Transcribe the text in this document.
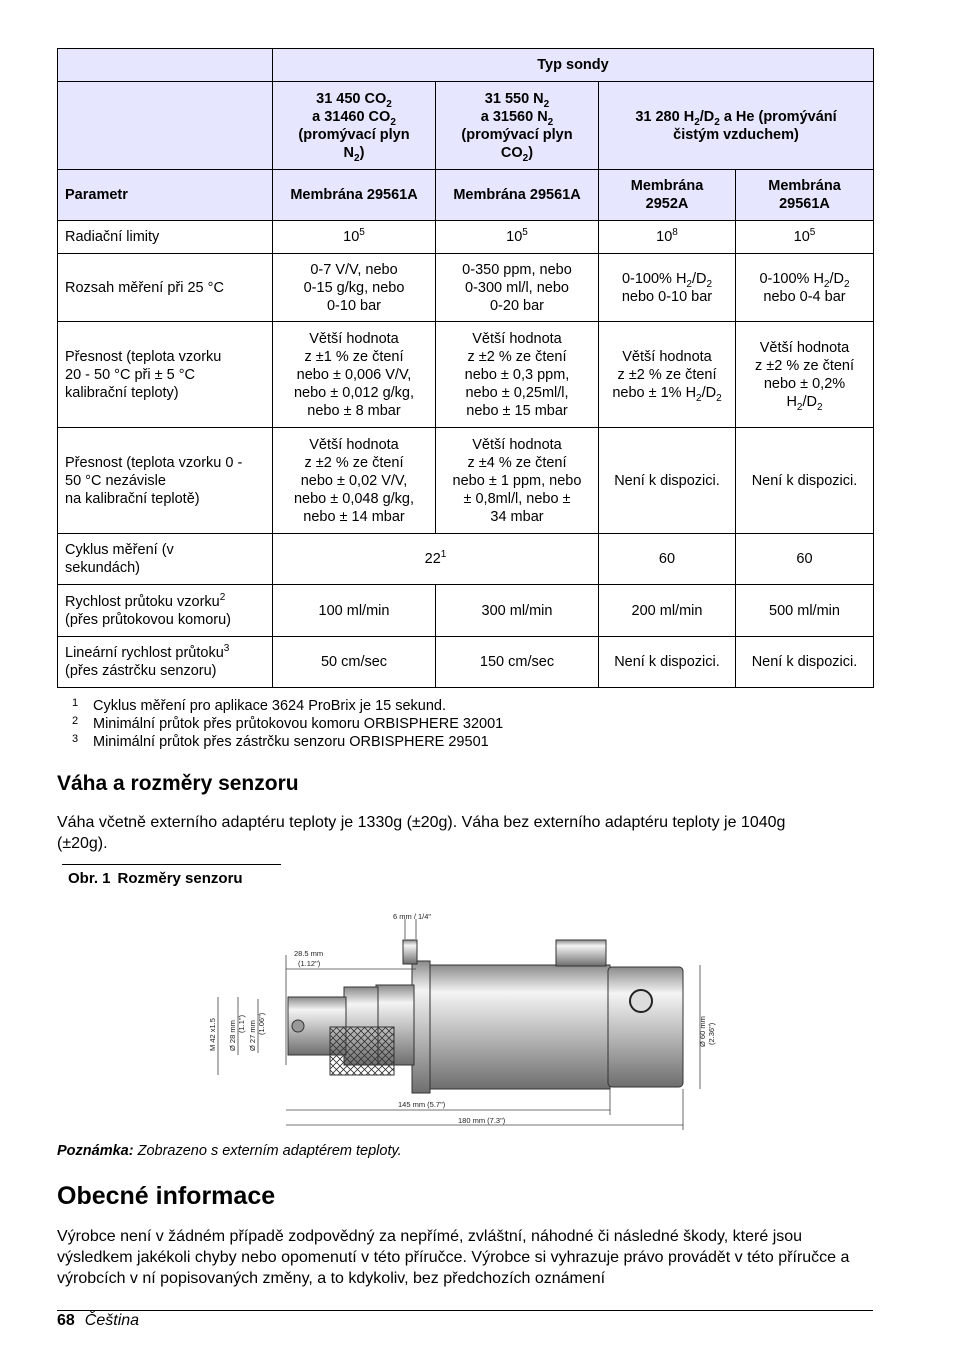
	Typ sondy			
	31 450 $CO_2$
a 31460 $CO_2$
(promývací plyn
$N_2$)	31 550 $N_2$
a 31560 $N_2$
(promývací plyn
$CO_2$)	31 280 $H_2/D_2$ a He (promývání
čistým vzduchem)	
Parametr	Membrána 29561A	Membrána 29561A	Membrána
2952A	Membrána
29561A
Radiační limity	$10^5$	$10^5$	$10^8$	$10^5$
Rozsah měření při 25 °C	0-7 V/V, nebo
0-15 g/kg, nebo
0-10 bar	0-350 ppm, nebo
0-300 ml/l, nebo
0-20 bar	0-100% $H_2/D_2$
nebo 0-10 bar	0-100% $H_2/D_2$
nebo 0-4 bar
Přesnost (teplota vzorku
20 - 50 °C při ± 5 °C
kalibrační teploty)	Větší hodnota
z ±1 % ze čtení
nebo ± 0,006 V/V,
nebo ± 0,012 g/kg,
nebo ± 8 mbar	Větší hodnota
z ±2 % ze čtení
nebo ± 0,3 ppm,
nebo ± 0,25ml/l,
nebo ± 15 mbar	Větší hodnota
z ±2 % ze čtení
nebo ± 1% $H_2/D_2$	Větší hodnota
z ±2 % ze čtení
nebo ± 0,2%
$H_2/D_2$
Přesnost (teplota vzorku 0 -
50 °C nezávisle
na kalibrační teplotě)	Větší hodnota
z ±2 % ze čtení
nebo ± 0,02 V/V,
nebo ± 0,048 g/kg,
nebo ± 14 mbar	Větší hodnota
z ±4 % ze čtení
nebo ± 1 ppm, nebo
± 0,8ml/l, nebo ±
34 mbar	Není k dispozici.	Není k dispozici.
Cyklus měření (v
sekundách)	$22^1$		60	60
Rychlost průtoku vzorku$^2$
(přes průtokovou komoru)	100 ml/min	300 ml/min	200 ml/min	500 ml/min
Lineární rychlost průtoku$^3$
(přes zástrčku senzoru)	50 cm/sec	150 cm/sec	Není k dispozici.	Není k dispozici.
1 Cyklus měření pro aplikace 3624 ProBrix je 15 sekund.
2 Minimální průtok přes průtokovou komoru ORBISPHERE 32001
3 Minimální průtok přes zástrčku senzoru ORBISPHERE 29501
Váha a rozměry senzoru

Váha včetně externího adaptéru teploty je 1330g (±20g). Váha bez externího adaptéru teploty je 1040g (±20g).

Obr. 1 Rozměry senzoru
6 mm / 1/4"
28.5 mm
(1.12")
M 42 x1.5 Ø 28 mm (1.1") Ø 27 mm (1.06")	Ø 60 mm (2.36")
145 mm (5.7")
180 mm (7.3")
Poznámka: Zobrazeno s externím adaptérem teploty.
Obecné informace

Výrobce není v žádném případě zodpovědný za nepřímé, zvláštní, náhodné či následné škody, které jsou výsledkem jakékoli chyby nebo opomenutí v této příručce. Výrobce si vyhrazuje právo provádět v této příručce a výrobcích v ní popisovaných změny, a to kdykoliv, bez předchozích oznámení

68 Čeština
